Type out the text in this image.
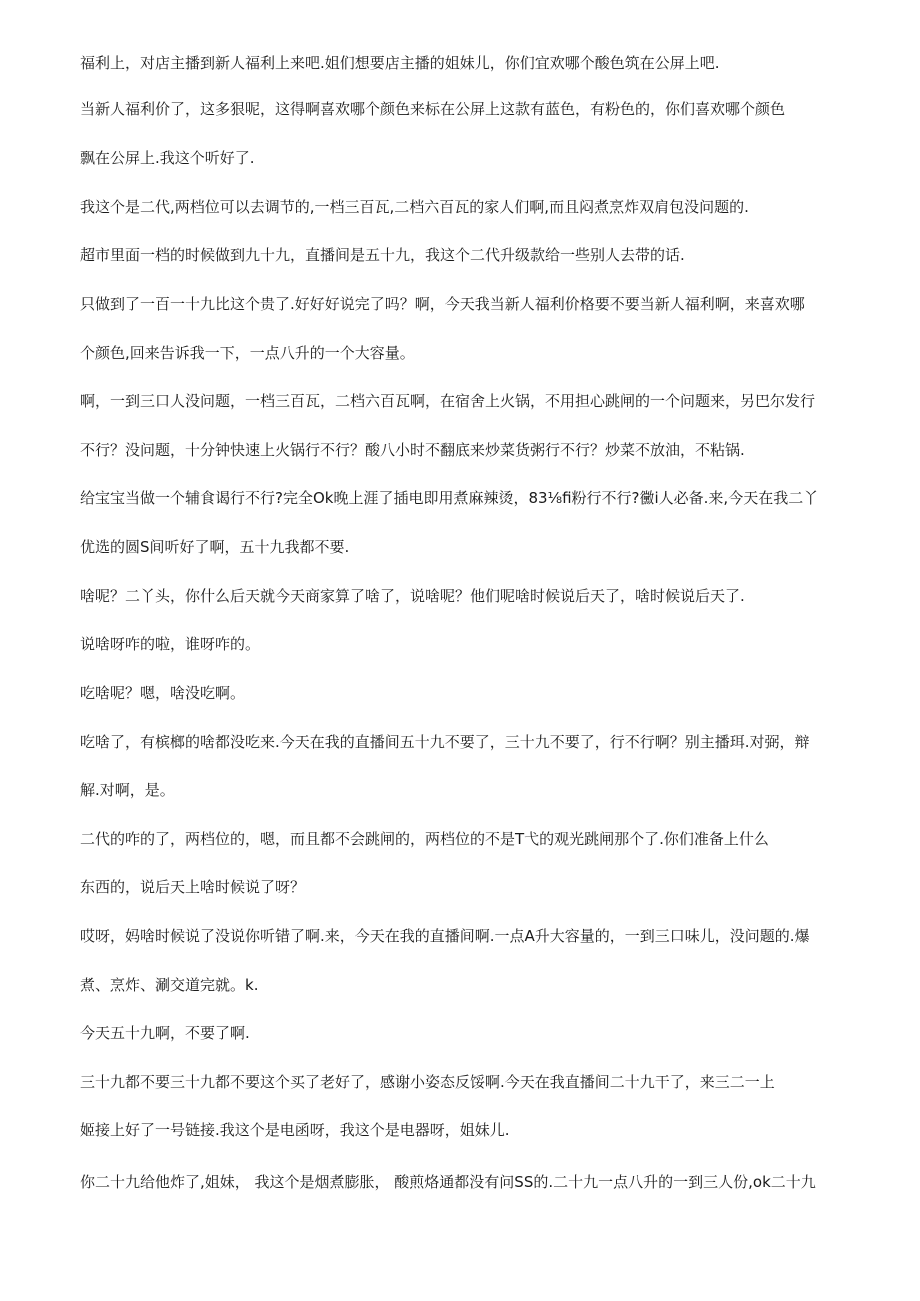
福利上，对店主播到新人福利上来吧.姐们想要店主播的姐妹儿，你们宜欢哪个酸色筑在公屏上吧.
当新人福利价了，这多狠呢，这得啊喜欢哪个颜色来标在公屏上这款有蓝色，有粉色的，你们喜欢哪个颜色
飘在公屏上.我这个听好了.
我这个是二代,两档位可以去调节的,一档三百瓦,二档六百瓦的家人们啊,而且闷煮烹炸双肩包没问题的.
超市里面一档的时候做到九十九，直播间是五十九，我这个二代升级款给一些别人去带的话.
只做到了一百一十九比这个贵了.好好好说完了吗？啊，今天我当新人福利价格要不要当新人福利啊，来喜欢哪
个颜色,回来告诉我一下，一点八升的一个大容量。
啊，一到三口人没问题，一档三百瓦，二档六百瓦啊，在宿舍上火锅，不用担心跳闸的一个问题来，另巴尔发行
不行？没问题，十分钟快速上火锅行不行？酸八小时不翻底来炒菜货粥行不行？炒菜不放油，不粘锅.
给宝宝当做一个辅食谒行不行?完全Ok晚上涯了插电即用煮麻辣烫，83⅛fi粉行不行?黴i人必备.来,今天在我二丫
优选的圆S间听好了啊，五十九我都不要.
啥呢？二丫头，你什么后天就今天商家算了啥了，说啥呢？他们呢啥时候说后天了，啥时候说后天了.
说啥呀咋的啦，谁呀咋的。
吃啥呢？嗯，啥没吃啊。
吃啥了，有槟榔的啥都没吃来.今天在我的直播间五十九不要了，三十九不要了，行不行啊？别主播珥.对弼，辩
解.对啊，是。
二代的咋的了，两档位的，嗯，而且都不会跳闸的，两档位的不是T弋的观光跳闸那个了.你们准备上什么
东西的，说后天上啥时候说了呀？
哎呀，妈啥时候说了没说你听错了啊.来，今天在我的直播间啊.一点A升大容量的，一到三口味儿，没问题的.爆
煮、烹炸、涮交道完就。k.
今天五十九啊，不要了啊.
三十九都不要三十九都不要这个买了老好了，感谢小姿态反馁啊.今天在我直播间二十九干了，来三二一上
姬接上好了一号链接.我这个是电函呀，我这个是电器呀，姐妹儿.
你二十九给他炸了,姐妹， 我这个是烟煮膨胀， 酸煎烙通都没有问SS的.二十九一点八升的一到三人份,ok二十九
